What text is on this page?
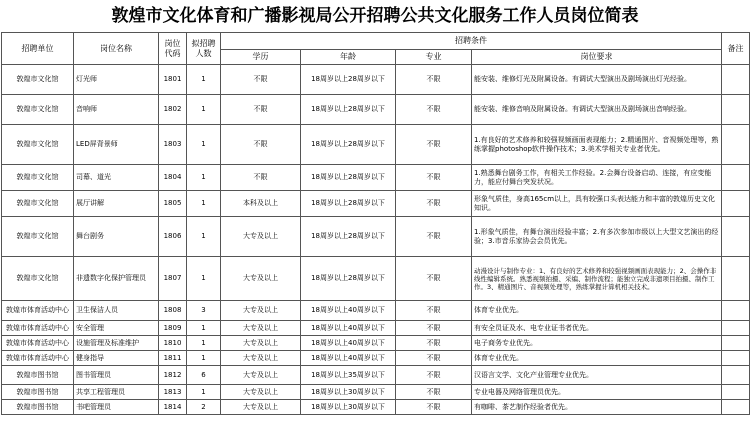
敦煌市文化体育和广播影视局公开招聘公共文化服务工作人员岗位简表
招聘单位	岗位名称	岗位代码	拟招聘人数	招聘条件				备注
				学历	年龄	专业	岗位要求	
敦煌市文化馆	灯光师	1801	1	不限	18周岁以上28周岁以下	不限	能安装、维修灯光及附属设备。有调试大型演出及剧场演出灯光经验。	
敦煌市文化馆	音响师	1802	1	不限	18周岁以上28周岁以下	不限	能安装、维修音响及附属设备。有调试大型演出及剧场演出音响经验。	
敦煌市文化馆	LED屏背景师	1803	1	不限	18周岁以上28周岁以下	不限	1.有良好的艺术修养和较强视频画面表现能力；2.精通图片、音视频处理等，熟练掌握photoshop软件操作技术；3.美术学相关专业者优先。	
敦煌市文化馆	司幕、道光	1804	1	不限	18周岁以上28周岁以下	不限	1.熟悉舞台剧务工作，有相关工作经验。2.会舞台设备启动、连接，有应变能力，能应付舞台突发状况。	
敦煌市文化馆	展厅讲解	1805	1	本科及以上	18周岁以上28周岁以下	不限	形象气质佳，身高165cm以上，具有较强口头表达能力和丰富的敦煌历史文化知识。	
敦煌市文化馆	舞台剧务	1806	1	大专及以上	18周岁以上28周岁以下	不限	1.形象气质佳，有舞台演出经验丰富；2.有多次参加市级以上大型文艺演出的经验；3.市音乐家协会会员优先。	
敦煌市文化馆	非遗数字化保护管理员	1807	1	大专及以上	18周岁以上28周岁以下	不限	动漫设计与制作专业：1、有良好的艺术修养和较强视频画面表现能力；2、会操作非线性编辑系统。熟悉视频拍摄、采编、制作流程；能独立完成非遗项目拍摄、制作工作。3、精通图片、音视频处理等，熟练掌握计算机相关技术。	
敦煌市体育活动中心	卫生保洁人员	1808	3	大专及以上	18周岁以上40周岁以下	不限	体育专业优先。	
敦煌市体育活动中心	安全管理	1809	1	大专及以上	18周岁以上40周岁以下	不限	有安全员证及水、电专业证书者优先。	
敦煌市体育活动中心	设施管理及标准维护	1810	1	大专及以上	18周岁以上40周岁以下	不限	电子商务专业优先。	
敦煌市体育活动中心	健身指导	1811	1	大专及以上	18周岁以上40周岁以下	不限	体育专业优先。	
敦煌市图书馆	图书管理员	1812	6	大专及以上	18周岁以上35周岁以下	不限	汉语言文学、文化产业管理专业优先。	
敦煌市图书馆	共享工程管理员	1813	1	大专及以上	18周岁以上30周岁以下	不限	专业电器及网络管理员优先。	
敦煌市图书馆	书吧管理员	1814	2	大专及以上	18周岁以上30周岁以下	不限	有咖啡、茶艺制作经验者优先。	
